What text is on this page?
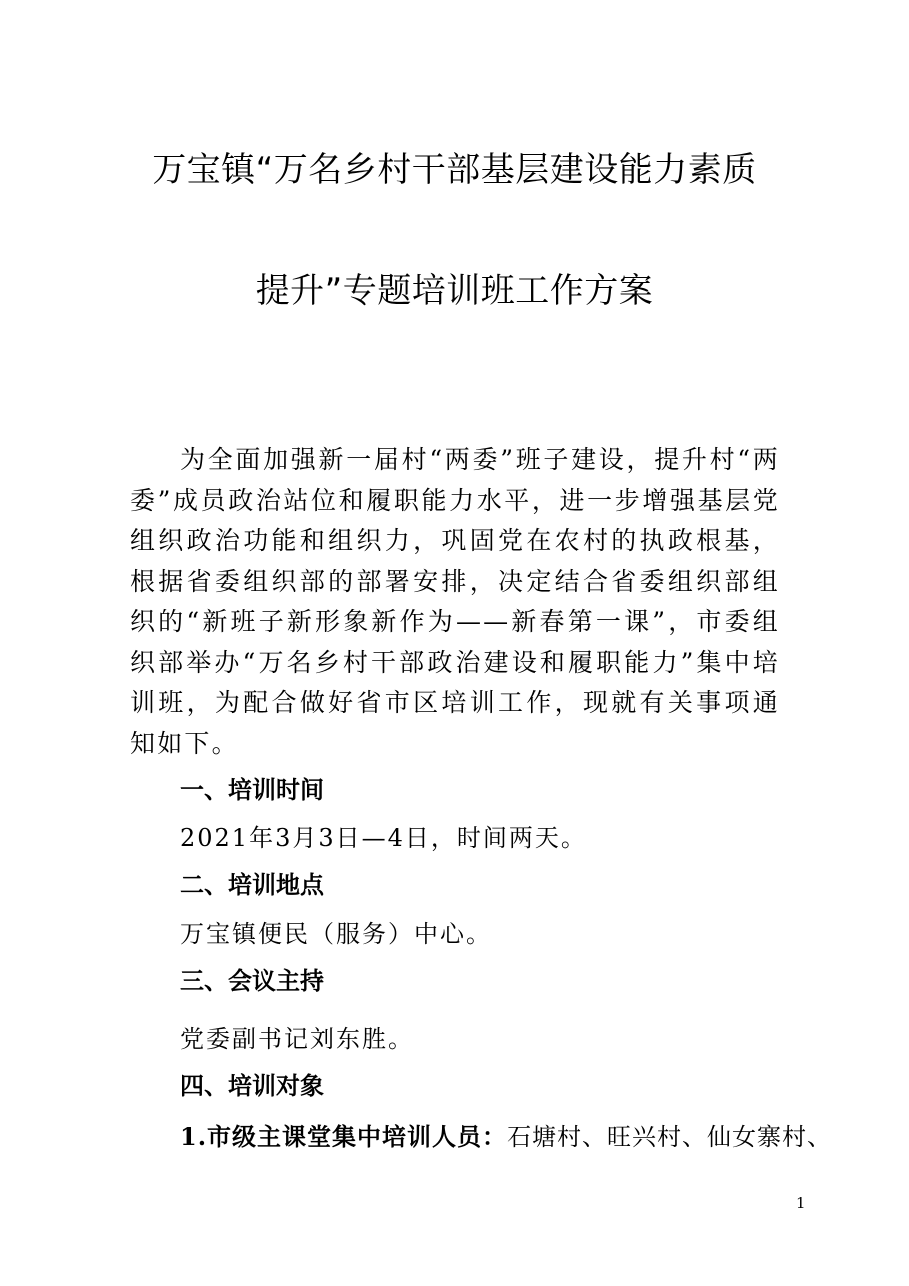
万宝镇“万名乡村干部基层建设能力素质
提升”专题培训班工作方案

为全面加强新一届村“两委”班子建设，提升村“两委”成员政治站位和履职能力水平，进一步增强基层党组织政治功能和组织力，巩固党在农村的执政根基，根据省委组织部的部署安排，决定结合省委组织部组织的“新班子新形象新作为——新春第一课”，市委组织部举办“万名乡村干部政治建设和履职能力”集中培训班，为配合做好省市区培训工作，现就有关事项通知如下。

一、培训时间
2021年3月3日—4日，时间两天。
二、培训地点
万宝镇便民（服务）中心。
三、会议主持
党委副书记刘东胜。
四、培训对象
1.市级主课堂集中培训人员：石塘村、旺兴村、仙女寨村、
1
